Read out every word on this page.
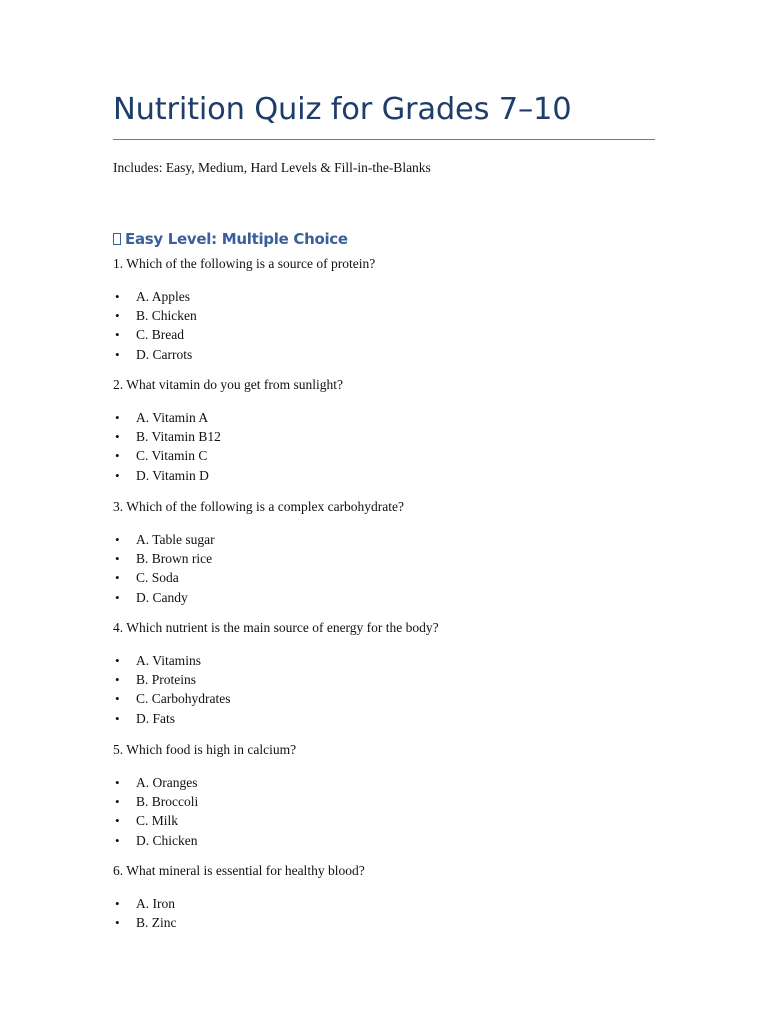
Nutrition Quiz for Grades 7–10
Includes: Easy, Medium, Hard Levels & Fill-in-the-Blanks
Easy Level: Multiple Choice
1. Which of the following is a source of protein?
• A. Apples
• B. Chicken
• C. Bread
• D. Carrots
2. What vitamin do you get from sunlight?
• A. Vitamin A
• B. Vitamin B12
• C. Vitamin C
• D. Vitamin D
3. Which of the following is a complex carbohydrate?
• A. Table sugar
• B. Brown rice
• C. Soda
• D. Candy
4. Which nutrient is the main source of energy for the body?
• A. Vitamins
• B. Proteins
• C. Carbohydrates
• D. Fats
5. Which food is high in calcium?
• A. Oranges
• B. Broccoli
• C. Milk
• D. Chicken
6. What mineral is essential for healthy blood?
• A. Iron
• B. Zinc
